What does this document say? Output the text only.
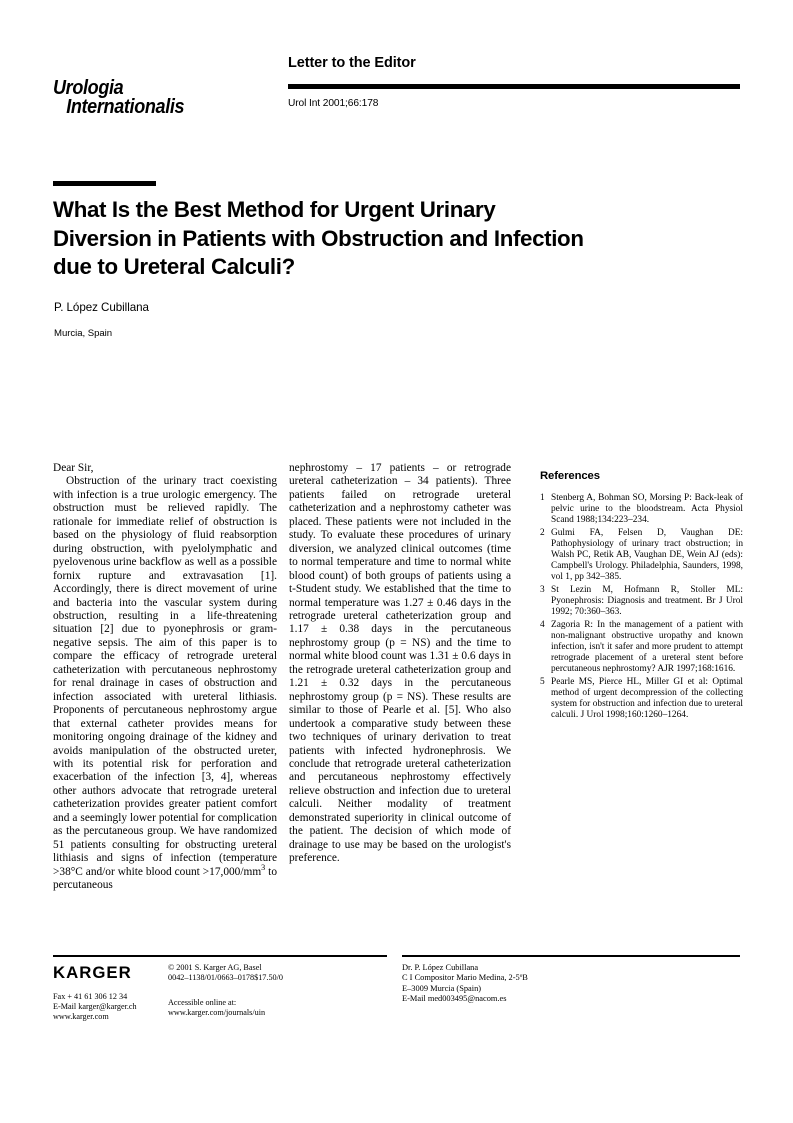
Urologia
Internationalis
Letter to the Editor
Urol Int 2001;66:178
What Is the Best Method for Urgent Urinary Diversion in Patients with Obstruction and Infection due to Ureteral Calculi?
P. López Cubillana
Murcia, Spain

Dear Sir,

Obstruction of the urinary tract coexisting with infection is a true urologic emergency. The obstruction must be relieved rapidly. The rationale for immediate relief of obstruction is based on the physiology of fluid reabsorption during obstruction, with pyelolymphatic and pyelovenous urine backflow as well as a possible fornix rupture and extravasation [1]. Accordingly, there is direct movement of urine and bacteria into the vascular system during obstruction, resulting in a life-threatening situation [2] due to pyonephrosis or gram-negative sepsis. The aim of this paper is to compare the efficacy of retrograde ureteral catheterization with percutaneous nephrostomy for renal drainage in cases of obstruction and infection associated with ureteral lithiasis. Proponents of percutaneous nephrostomy argue that external catheter provides means for monitoring ongoing drainage of the kidney and avoids manipulation of the obstructed ureter, with its potential risk for perforation and exacerbation of the infection [3, 4], whereas other authors advocate that retrograde ureteral catheterization provides greater patient comfort and a seemingly lower potential for complication as the percutaneous group. We have randomized 51 patients consulting for obstructing ureteral lithiasis and signs of infection (temperature >38°C and/or white blood count $>17,000/mm^3$ to percutaneous

nephrostomy – 17 patients – or retrograde ureteral catheterization – 34 patients). Three patients failed on retrograde ureteral catheterization and a nephrostomy catheter was placed. These patients were not included in the study. To evaluate these procedures of urinary diversion, we analyzed clinical outcomes (time to normal temperature and time to normal white blood count) of both groups of patients using a t-Student study. We established that the time to normal temperature was 1.27 ± 0.46 days in the retrograde ureteral catheterization group and 1.17 ± 0.38 days in the percutaneous nephrostomy group (p = NS) and the time to normal white blood count was 1.31 ± 0.6 days in the retrograde ureteral catheterization group and 1.21 ± 0.32 days in the percutaneous nephrostomy group (p = NS). These results are similar to those of Pearle et al. [5]. Who also undertook a comparative study between these two techniques of urinary derivation to treat patients with infected hydronephrosis. We conclude that retrograde ureteral catheterization and percutaneous nephrostomy effectively relieve obstruction and infection due to ureteral calculi. Neither modality of treatment demonstrated superiority in clinical outcome of the patient. The decision of which mode of drainage to use may be based on the urologist's preference.

References
1 Stenberg A, Bohman SO, Morsing P: Back-leak of pelvic urine to the bloodstream. Acta Physiol Scand 1988;134:223–234.
2 Gulmi FA, Felsen D, Vaughan DE: Pathophysiology of urinary tract obstruction; in Walsh PC, Retik AB, Vaughan DE, Wein AJ (eds): Campbell's Urology. Philadelphia, Saunders, 1998, vol 1, pp 342–385.
3 St Lezin M, Hofmann R, Stoller ML: Pyonephrosis: Diagnosis and treatment. Br J Urol 1992; 70:360–363.
4 Zagoria R: In the management of a patient with non-malignant obstructive uropathy and known infection, isn't it safer and more prudent to attempt retrograde placement of a ureteral stent before percutaneous nephrostomy? AJR 1997;168:1616.
5 Pearle MS, Pierce HL, Miller GI et al: Optimal method of urgent decompression of the collecting system for obstruction and infection due to ureteral calculi. J Urol 1998;160:1260–1264.
KARGER
Fax + 41 61 306 12 34
E-Mail karger@karger.ch
www.karger.com
© 2001 S. Karger AG, Basel
0042–1138/01/0663–0178$17.50/0
Accessible online at:
www.karger.com/journals/uin
Dr. P. López Cubillana
C I Compositor Mario Medina, 2-5ºB
E–3009 Murcia (Spain)
E-Mail med003495@nacom.es
